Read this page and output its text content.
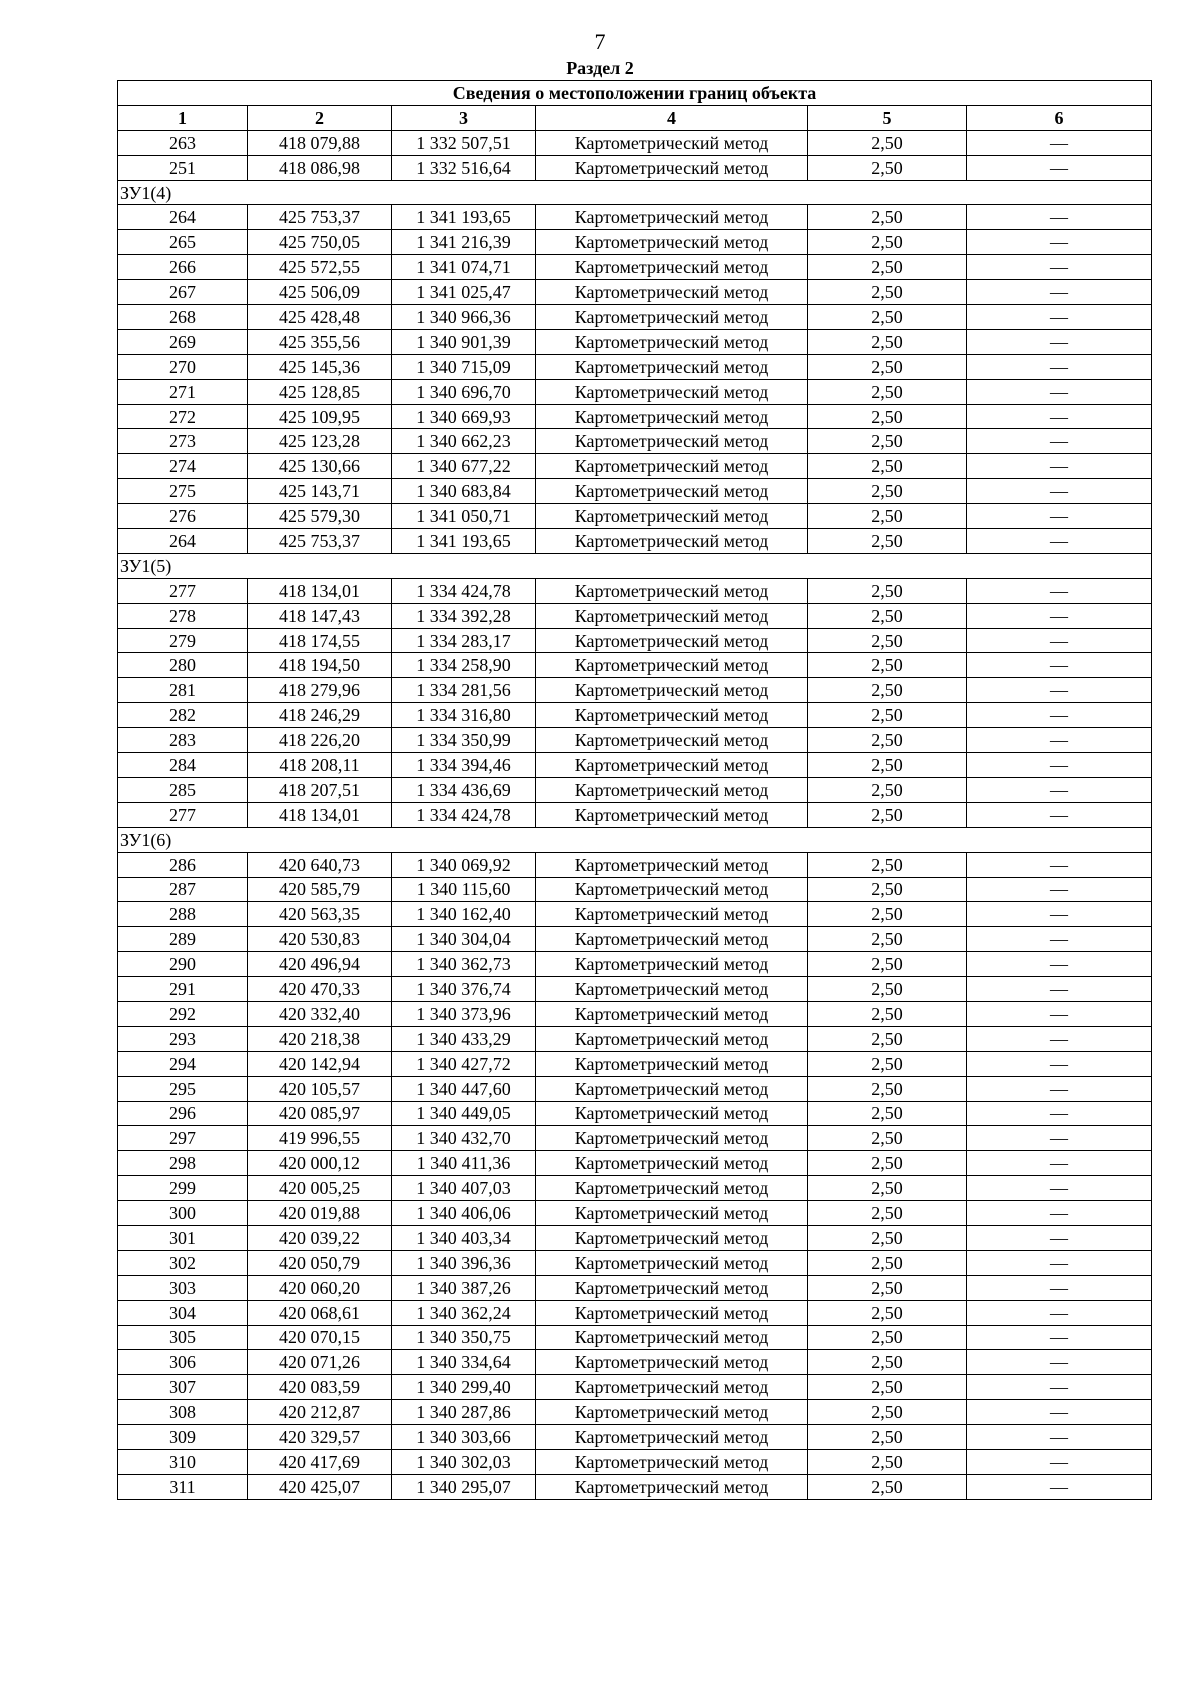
7
Раздел 2
Сведения о местоположении границ объекта					
1	2	3	4	5	6
263	418 079,88	1 332 507,51	Картометрический метод	2,50	—
251	418 086,98	1 332 516,64	Картометрический метод	2,50	—
ЗУ1(4)					
264	425 753,37	1 341 193,65	Картометрический метод	2,50	—
265	425 750,05	1 341 216,39	Картометрический метод	2,50	—
266	425 572,55	1 341 074,71	Картометрический метод	2,50	—
267	425 506,09	1 341 025,47	Картометрический метод	2,50	—
268	425 428,48	1 340 966,36	Картометрический метод	2,50	—
269	425 355,56	1 340 901,39	Картометрический метод	2,50	—
270	425 145,36	1 340 715,09	Картометрический метод	2,50	—
271	425 128,85	1 340 696,70	Картометрический метод	2,50	—
272	425 109,95	1 340 669,93	Картометрический метод	2,50	—
273	425 123,28	1 340 662,23	Картометрический метод	2,50	—
274	425 130,66	1 340 677,22	Картометрический метод	2,50	—
275	425 143,71	1 340 683,84	Картометрический метод	2,50	—
276	425 579,30	1 341 050,71	Картометрический метод	2,50	—
264	425 753,37	1 341 193,65	Картометрический метод	2,50	—
ЗУ1(5)					
277	418 134,01	1 334 424,78	Картометрический метод	2,50	—
278	418 147,43	1 334 392,28	Картометрический метод	2,50	—
279	418 174,55	1 334 283,17	Картометрический метод	2,50	—
280	418 194,50	1 334 258,90	Картометрический метод	2,50	—
281	418 279,96	1 334 281,56	Картометрический метод	2,50	—
282	418 246,29	1 334 316,80	Картометрический метод	2,50	—
283	418 226,20	1 334 350,99	Картометрический метод	2,50	—
284	418 208,11	1 334 394,46	Картометрический метод	2,50	—
285	418 207,51	1 334 436,69	Картометрический метод	2,50	—
277	418 134,01	1 334 424,78	Картометрический метод	2,50	—
ЗУ1(6)					
286	420 640,73	1 340 069,92	Картометрический метод	2,50	—
287	420 585,79	1 340 115,60	Картометрический метод	2,50	—
288	420 563,35	1 340 162,40	Картометрический метод	2,50	—
289	420 530,83	1 340 304,04	Картометрический метод	2,50	—
290	420 496,94	1 340 362,73	Картометрический метод	2,50	—
291	420 470,33	1 340 376,74	Картометрический метод	2,50	—
292	420 332,40	1 340 373,96	Картометрический метод	2,50	—
293	420 218,38	1 340 433,29	Картометрический метод	2,50	—
294	420 142,94	1 340 427,72	Картометрический метод	2,50	—
295	420 105,57	1 340 447,60	Картометрический метод	2,50	—
296	420 085,97	1 340 449,05	Картометрический метод	2,50	—
297	419 996,55	1 340 432,70	Картометрический метод	2,50	—
298	420 000,12	1 340 411,36	Картометрический метод	2,50	—
299	420 005,25	1 340 407,03	Картометрический метод	2,50	—
300	420 019,88	1 340 406,06	Картометрический метод	2,50	—
301	420 039,22	1 340 403,34	Картометрический метод	2,50	—
302	420 050,79	1 340 396,36	Картометрический метод	2,50	—
303	420 060,20	1 340 387,26	Картометрический метод	2,50	—
304	420 068,61	1 340 362,24	Картометрический метод	2,50	—
305	420 070,15	1 340 350,75	Картометрический метод	2,50	—
306	420 071,26	1 340 334,64	Картометрический метод	2,50	—
307	420 083,59	1 340 299,40	Картометрический метод	2,50	—
308	420 212,87	1 340 287,86	Картометрический метод	2,50	—
309	420 329,57	1 340 303,66	Картометрический метод	2,50	—
310	420 417,69	1 340 302,03	Картометрический метод	2,50	—
311	420 425,07	1 340 295,07	Картометрический метод	2,50	—
